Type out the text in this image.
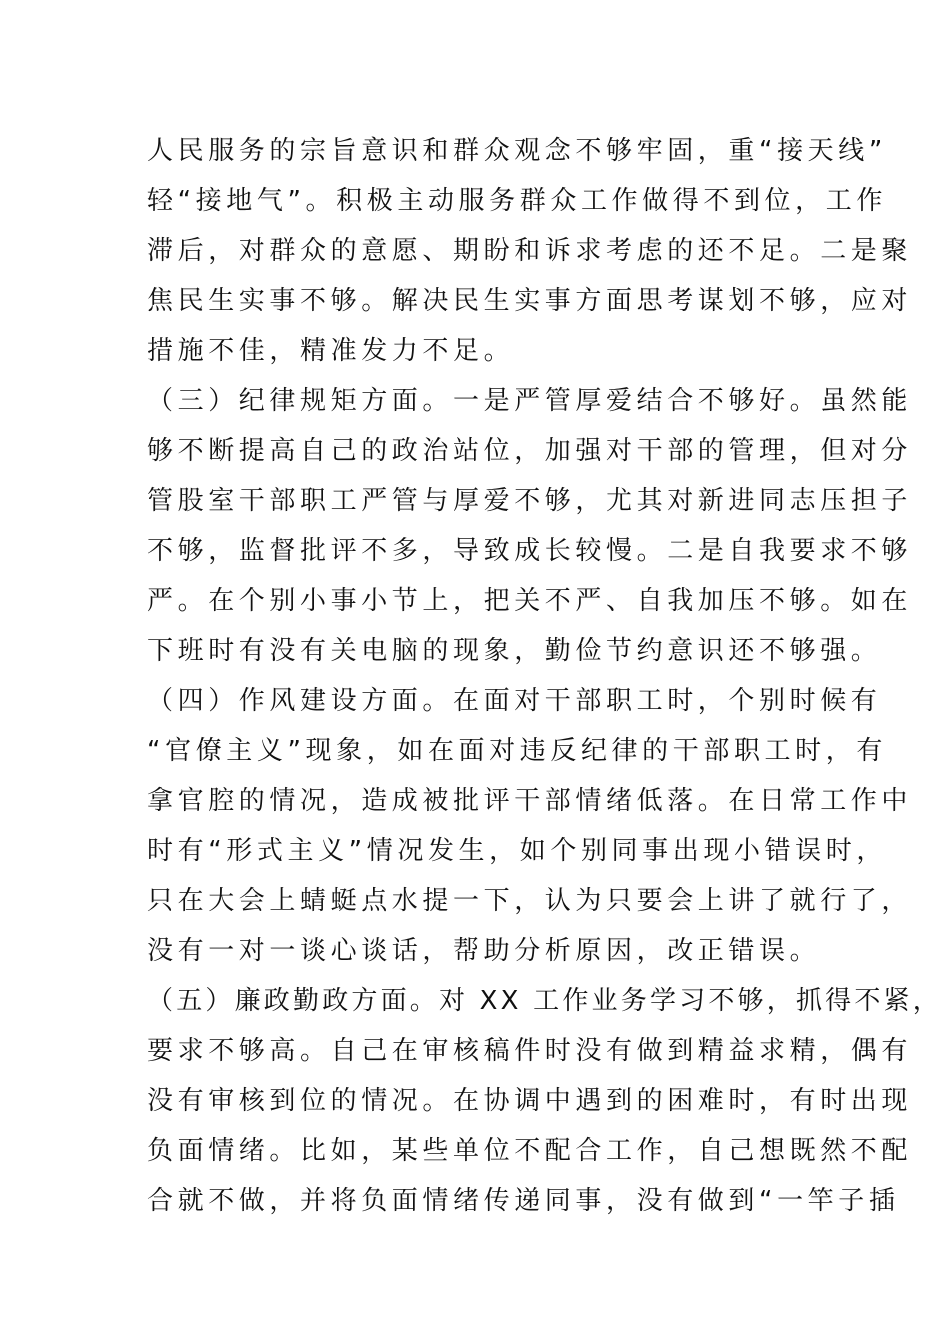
人民服务的宗旨意识和群众观念不够牢固，重“接天线”

轻“接地气”。积极主动服务群众工作做得不到位，工作

滞后，对群众的意愿、期盼和诉求考虑的还不足。二是聚

焦民生实事不够。解决民生实事方面思考谋划不够，应对

措施不佳，精准发力不足。

（三）纪律规矩方面。一是严管厚爱结合不够好。虽然能

够不断提高自己的政治站位，加强对干部的管理，但对分

管股室干部职工严管与厚爱不够，尤其对新进同志压担子

不够，监督批评不多，导致成长较慢。二是自我要求不够

严。在个别小事小节上，把关不严、自我加压不够。如在

下班时有没有关电脑的现象，勤俭节约意识还不够强。

（四）作风建设方面。在面对干部职工时，个别时候有

“官僚主义”现象，如在面对违反纪律的干部职工时，有

拿官腔的情况，造成被批评干部情绪低落。在日常工作中

时有“形式主义”情况发生，如个别同事出现小错误时，

只在大会上蜻蜓点水提一下，认为只要会上讲了就行了，

没有一对一谈心谈话，帮助分析原因，改正错误。

（五）廉政勤政方面。对 XX 工作业务学习不够，抓得不紧，

要求不够高。自己在审核稿件时没有做到精益求精，偶有

没有审核到位的情况。在协调中遇到的困难时，有时出现

负面情绪。比如，某些单位不配合工作，自己想既然不配

合就不做，并将负面情绪传递同事，没有做到“一竿子插
